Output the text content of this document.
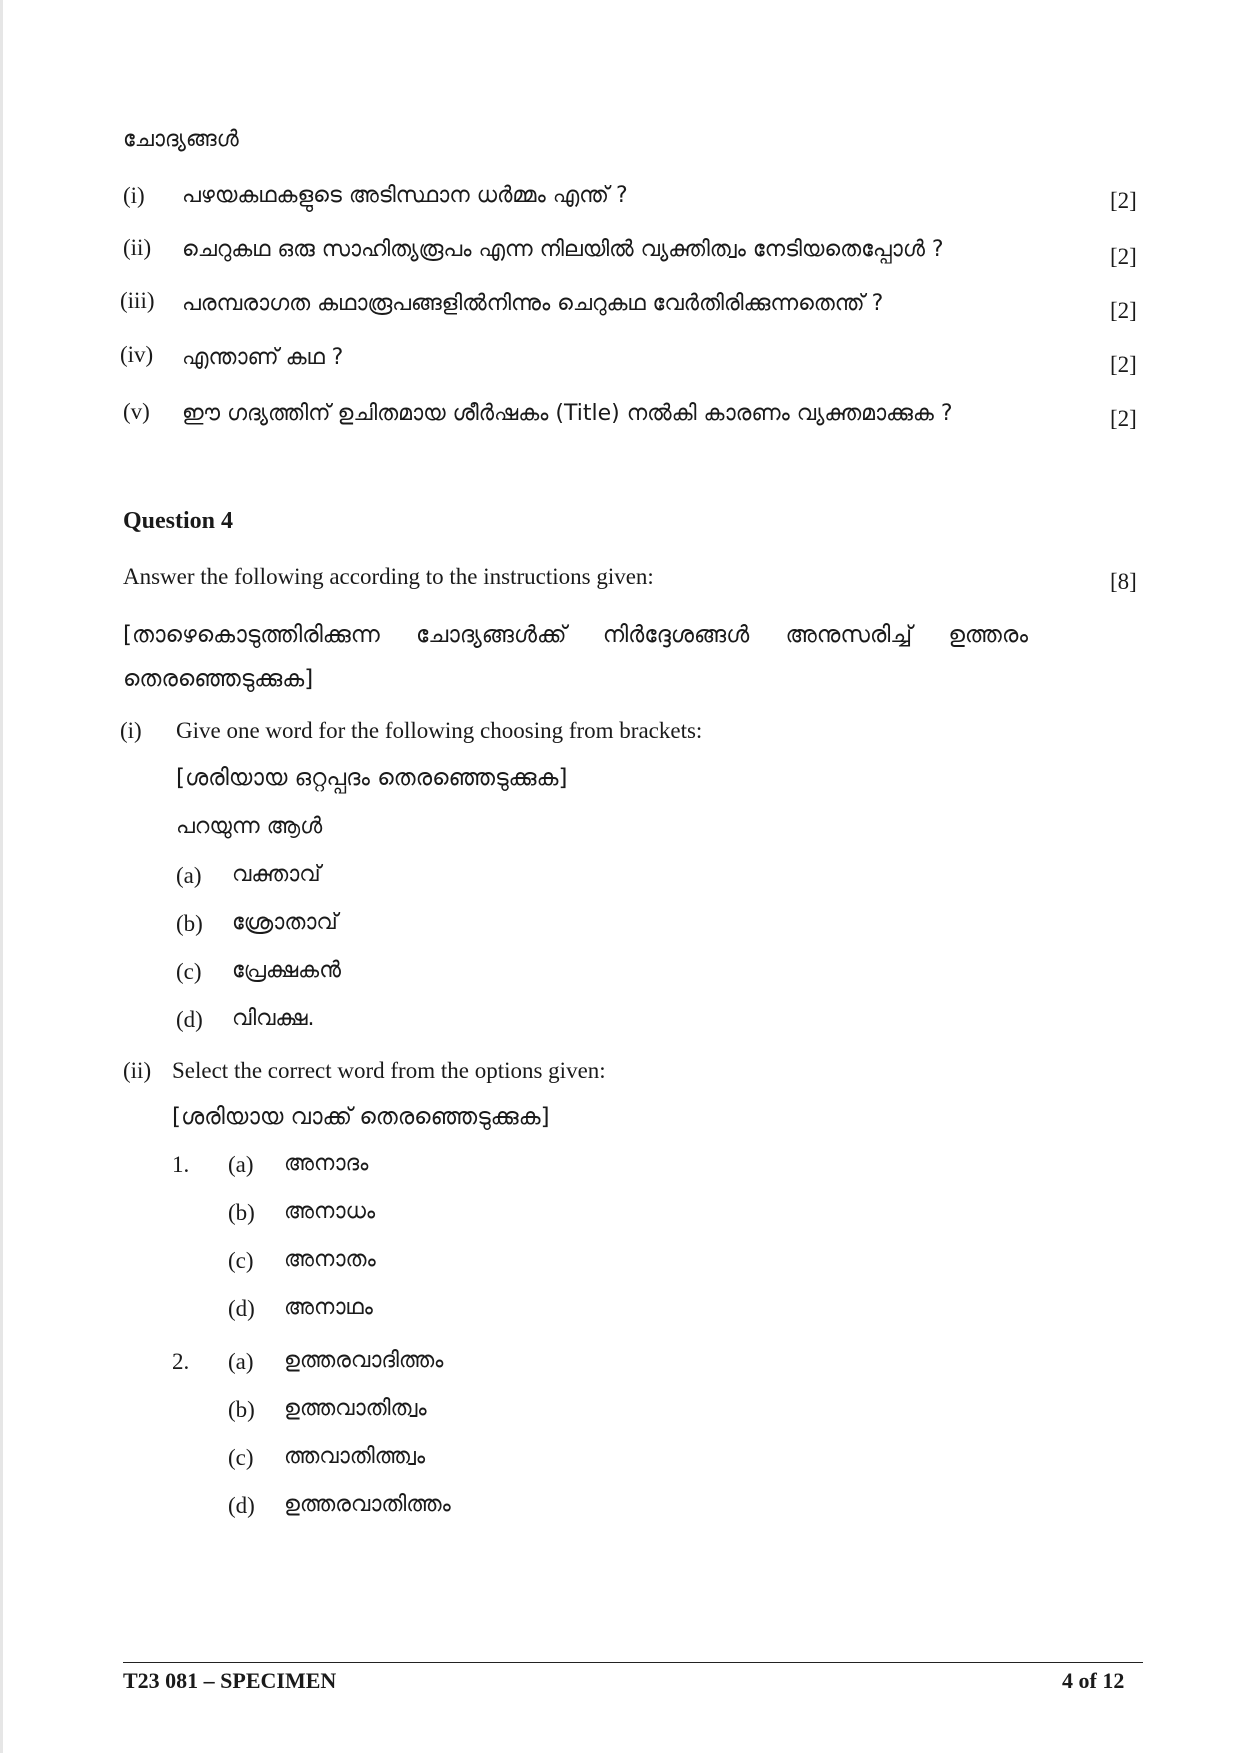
ചോദ്യങ്ങൾ
(i) പഴയകഥകളുടെ അടിസ്ഥാന ധർമ്മം എന്ത് ?	[2]
(ii) ചെറുകഥ ഒരു സാഹിത്യരൂപം എന്ന നിലയിൽ വ്യക്തിത്വം നേടിയതെപ്പോൾ ?	[2]
(iii) പരമ്പരാഗത കഥാരൂപങ്ങളിൽനിന്നും ചെറുകഥ വേർതിരിക്കുന്നതെന്ത് ?	[2]
(iv) എന്താണ് കഥ ?	[2]
(v) ഈ ഗദ്യത്തിന് ഉചിതമായ ശീർഷകം (Title) നൽകി കാരണം വ്യക്തമാക്കുക ?	[2]
Question 4
Answer the following according to the instructions given:	[8]
[താഴെകൊടുത്തിരിക്കുന്ന ചോദ്യങ്ങൾക്ക് നിർദ്ദേശങ്ങൾ അനുസരിച്ച് ഉത്തരം
തെരഞ്ഞെടുക്കുക]
(i) Give one word for the following choosing from brackets:
[ശരിയായ ഒറ്റപ്പദം തെരഞ്ഞെടുക്കുക]
പറയുന്ന ആൾ
(a) വക്താവ്
(b) ശ്രോതാവ്
(c) പ്രേക്ഷകൻ
(d) വിവക്ഷ.
(ii) Select the correct word from the options given:
[ശരിയായ വാക്ക് തെരഞ്ഞെടുക്കുക]
1. (a) അനാദം
(b) അനാധം
(c) അനാതം
(d) അനാഥം
2. (a) ഉത്തരവാദിത്തം
(b) ഉത്തവാതിത്വം
(c) ത്തവാതിത്ത്വം
(d) ഉത്തരവാതിത്തം
T23 081 – SPECIMEN	4 of 12
